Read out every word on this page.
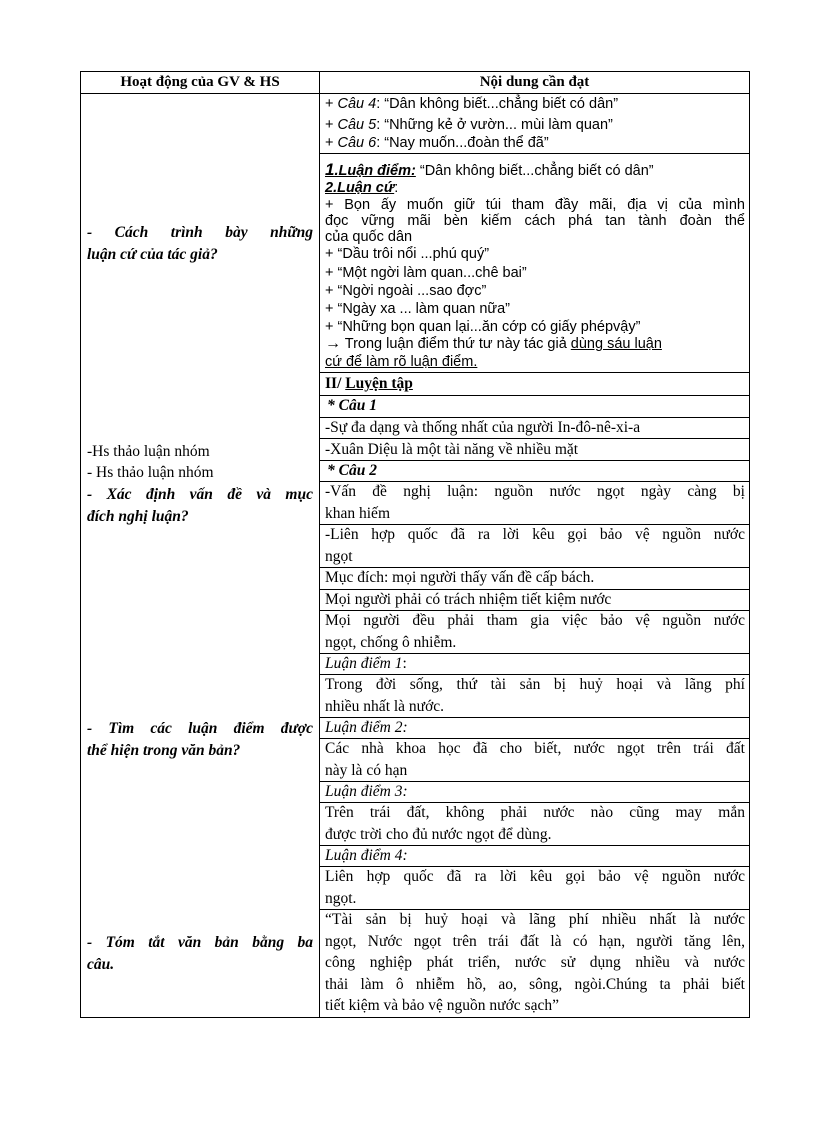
Hoạt động của GV & HS	Nội dung cần đạt
- Cách trình bày những
luận cứ của tác giả?
-Hs thảo luận nhóm
- Hs thảo luận nhóm
- Xác định vấn đề và mục
đích nghị luận?
- Tìm các luận điểm được
thể hiện trong văn bản?
- Tóm tắt văn bản bằng ba
câu.
+ Câu 4: “Dân không biết...chẳng biết có dân”
+ Câu 5: “Những kẻ ở vườn... mùi làm quan”
+ Câu 6: “Nay muốn...đoàn thể đã”
1.Luận điểm: “Dân không biết...chẳng biết có dân”
2.Luận cứ:
+ Bọn ấy muốn giữ túi tham đầy mãi, địa vị của mình
đọc vững mãi bèn kiếm cách phá tan tành đoàn thể
của quốc dân
+ “Dầu trôi nổi ...phú quý”
+ “Một ngời làm quan...chê bai”
+ “Ngời ngoài ...sao đợc”
+ “Ngày xa ... làm quan nữa”
+ “Những bọn quan lại...ăn cớp có giấy phépvậy”
→ Trong luận điểm thứ tư này tác giả dùng sáu luận
cứ để làm rõ luận điểm.
II/ Luyện tập
* Câu 1
-Sự đa dạng và thống nhất của người In-đô-nê-xi-a
-Xuân Diệu là một tài năng về nhiều mặt
* Câu 2
-Vấn đề nghị luận: nguồn nước ngọt ngày càng bị
khan hiếm
-Liên hợp quốc đã ra lời kêu gọi bảo vệ nguồn nước
ngọt
Mục đích: mọi người thấy vấn đề cấp bách.
Mọi người phải có trách nhiệm tiết kiệm nước
Mọi người đều phải tham gia việc bảo vệ nguồn nước
ngọt, chống ô nhiễm.
Luận điểm 1:
Trong đời sống, thứ tài sản bị huỷ hoại và lãng phí
nhiều nhất là nước.
Luận điểm 2:
Các nhà khoa học đã cho biết, nước ngọt trên trái đất
này là có hạn
Luận điểm 3:
Trên trái đất, không phải nước nào cũng may mắn
được trời cho đủ nước ngọt để dùng.
Luận điểm 4:
Liên hợp quốc đã ra lời kêu gọi bảo vệ nguồn nước
ngọt.
“Tài sản bị huỷ hoại và lãng phí nhiều nhất là nước
ngọt, Nước ngọt trên trái đất là có hạn, người tăng lên,
công nghiệp phát triển, nước sử dụng nhiều và nước
thải làm ô nhiễm hồ, ao, sông, ngòi.Chúng ta phải biết
tiết kiệm và bảo vệ nguồn nước sạch”
